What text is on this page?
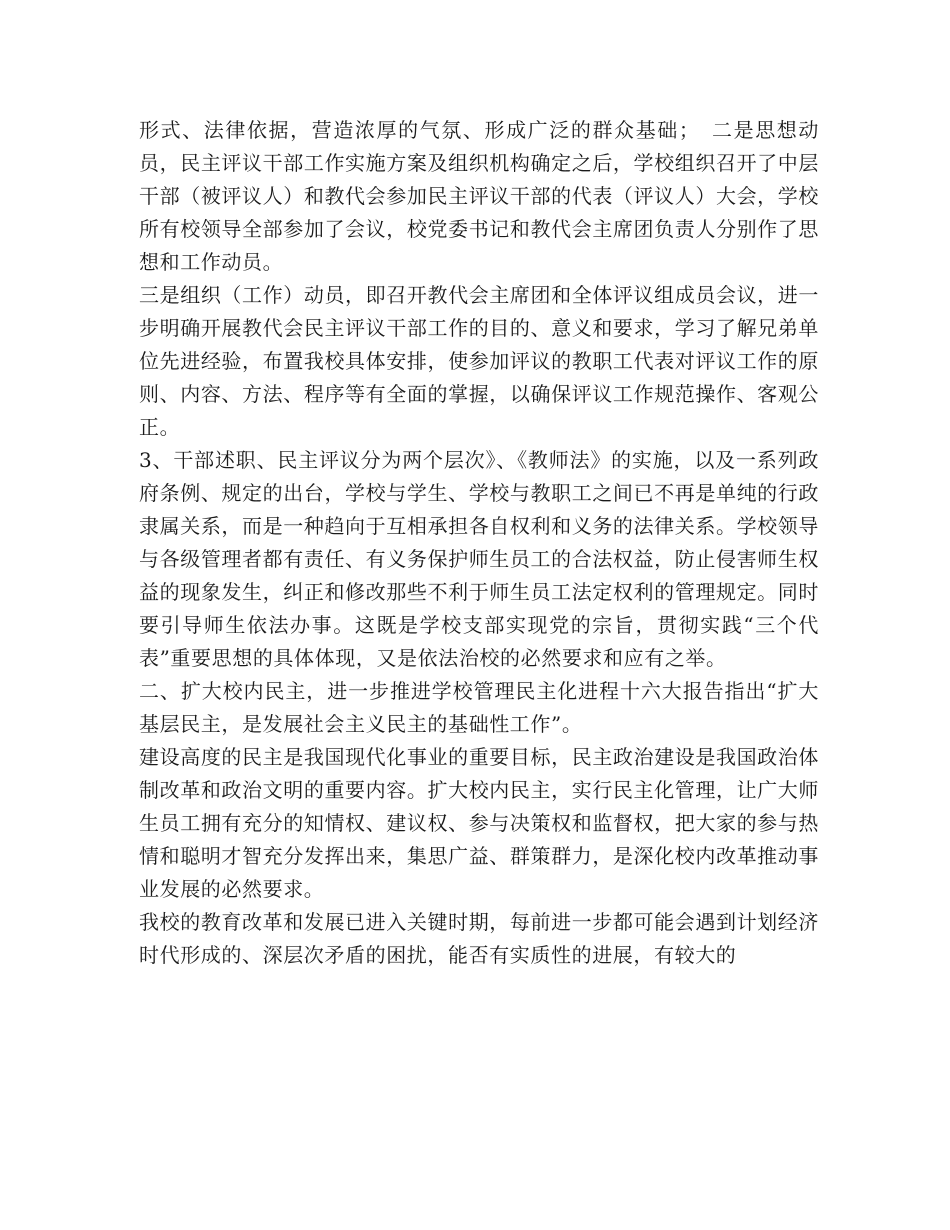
形式、法律依据，营造浓厚的气氛、形成广泛的群众基础；　二是思想动员，民主评议干部工作实施方案及组织机构确定之后，学校组织召开了中层干部（被评议人）和教代会参加民主评议干部的代表（评议人）大会，学校所有校领导全部参加了会议，校党委书记和教代会主席团负责人分别作了思想和工作动员。

三是组织（工作）动员，即召开教代会主席团和全体评议组成员会议，进一步明确开展教代会民主评议干部工作的目的、意义和要求，学习了解兄弟单位先进经验，布置我校具体安排，使参加评议的教职工代表对评议工作的原则、内容、方法、程序等有全面的掌握，以确保评议工作规范操作、客观公正。

3、干部述职、民主评议分为两个层次》、《教师法》的实施，以及一系列政府条例、规定的出台，学校与学生、学校与教职工之间已不再是单纯的行政隶属关系，而是一种趋向于互相承担各自权利和义务的法律关系。学校领导与各级管理者都有责任、有义务保护师生员工的合法权益，防止侵害师生权益的现象发生，纠正和修改那些不利于师生员工法定权利的管理规定。同时要引导师生依法办事。这既是学校支部实现党的宗旨，贯彻实践“三个代表”重要思想的具体体现，又是依法治校的必然要求和应有之举。

二、扩大校内民主，进一步推进学校管理民主化进程十六大报告指出“扩大基层民主，是发展社会主义民主的基础性工作”。

建设高度的民主是我国现代化事业的重要目标，民主政治建设是我国政治体制改革和政治文明的重要内容。扩大校内民主，实行民主化管理，让广大师生员工拥有充分的知情权、建议权、参与决策权和监督权，把大家的参与热情和聪明才智充分发挥出来，集思广益、群策群力，是深化校内改革推动事业发展的必然要求。

我校的教育改革和发展已进入关键时期，每前进一步都可能会遇到计划经济时代形成的、深层次矛盾的困扰，能否有实质性的进展，有较大的
